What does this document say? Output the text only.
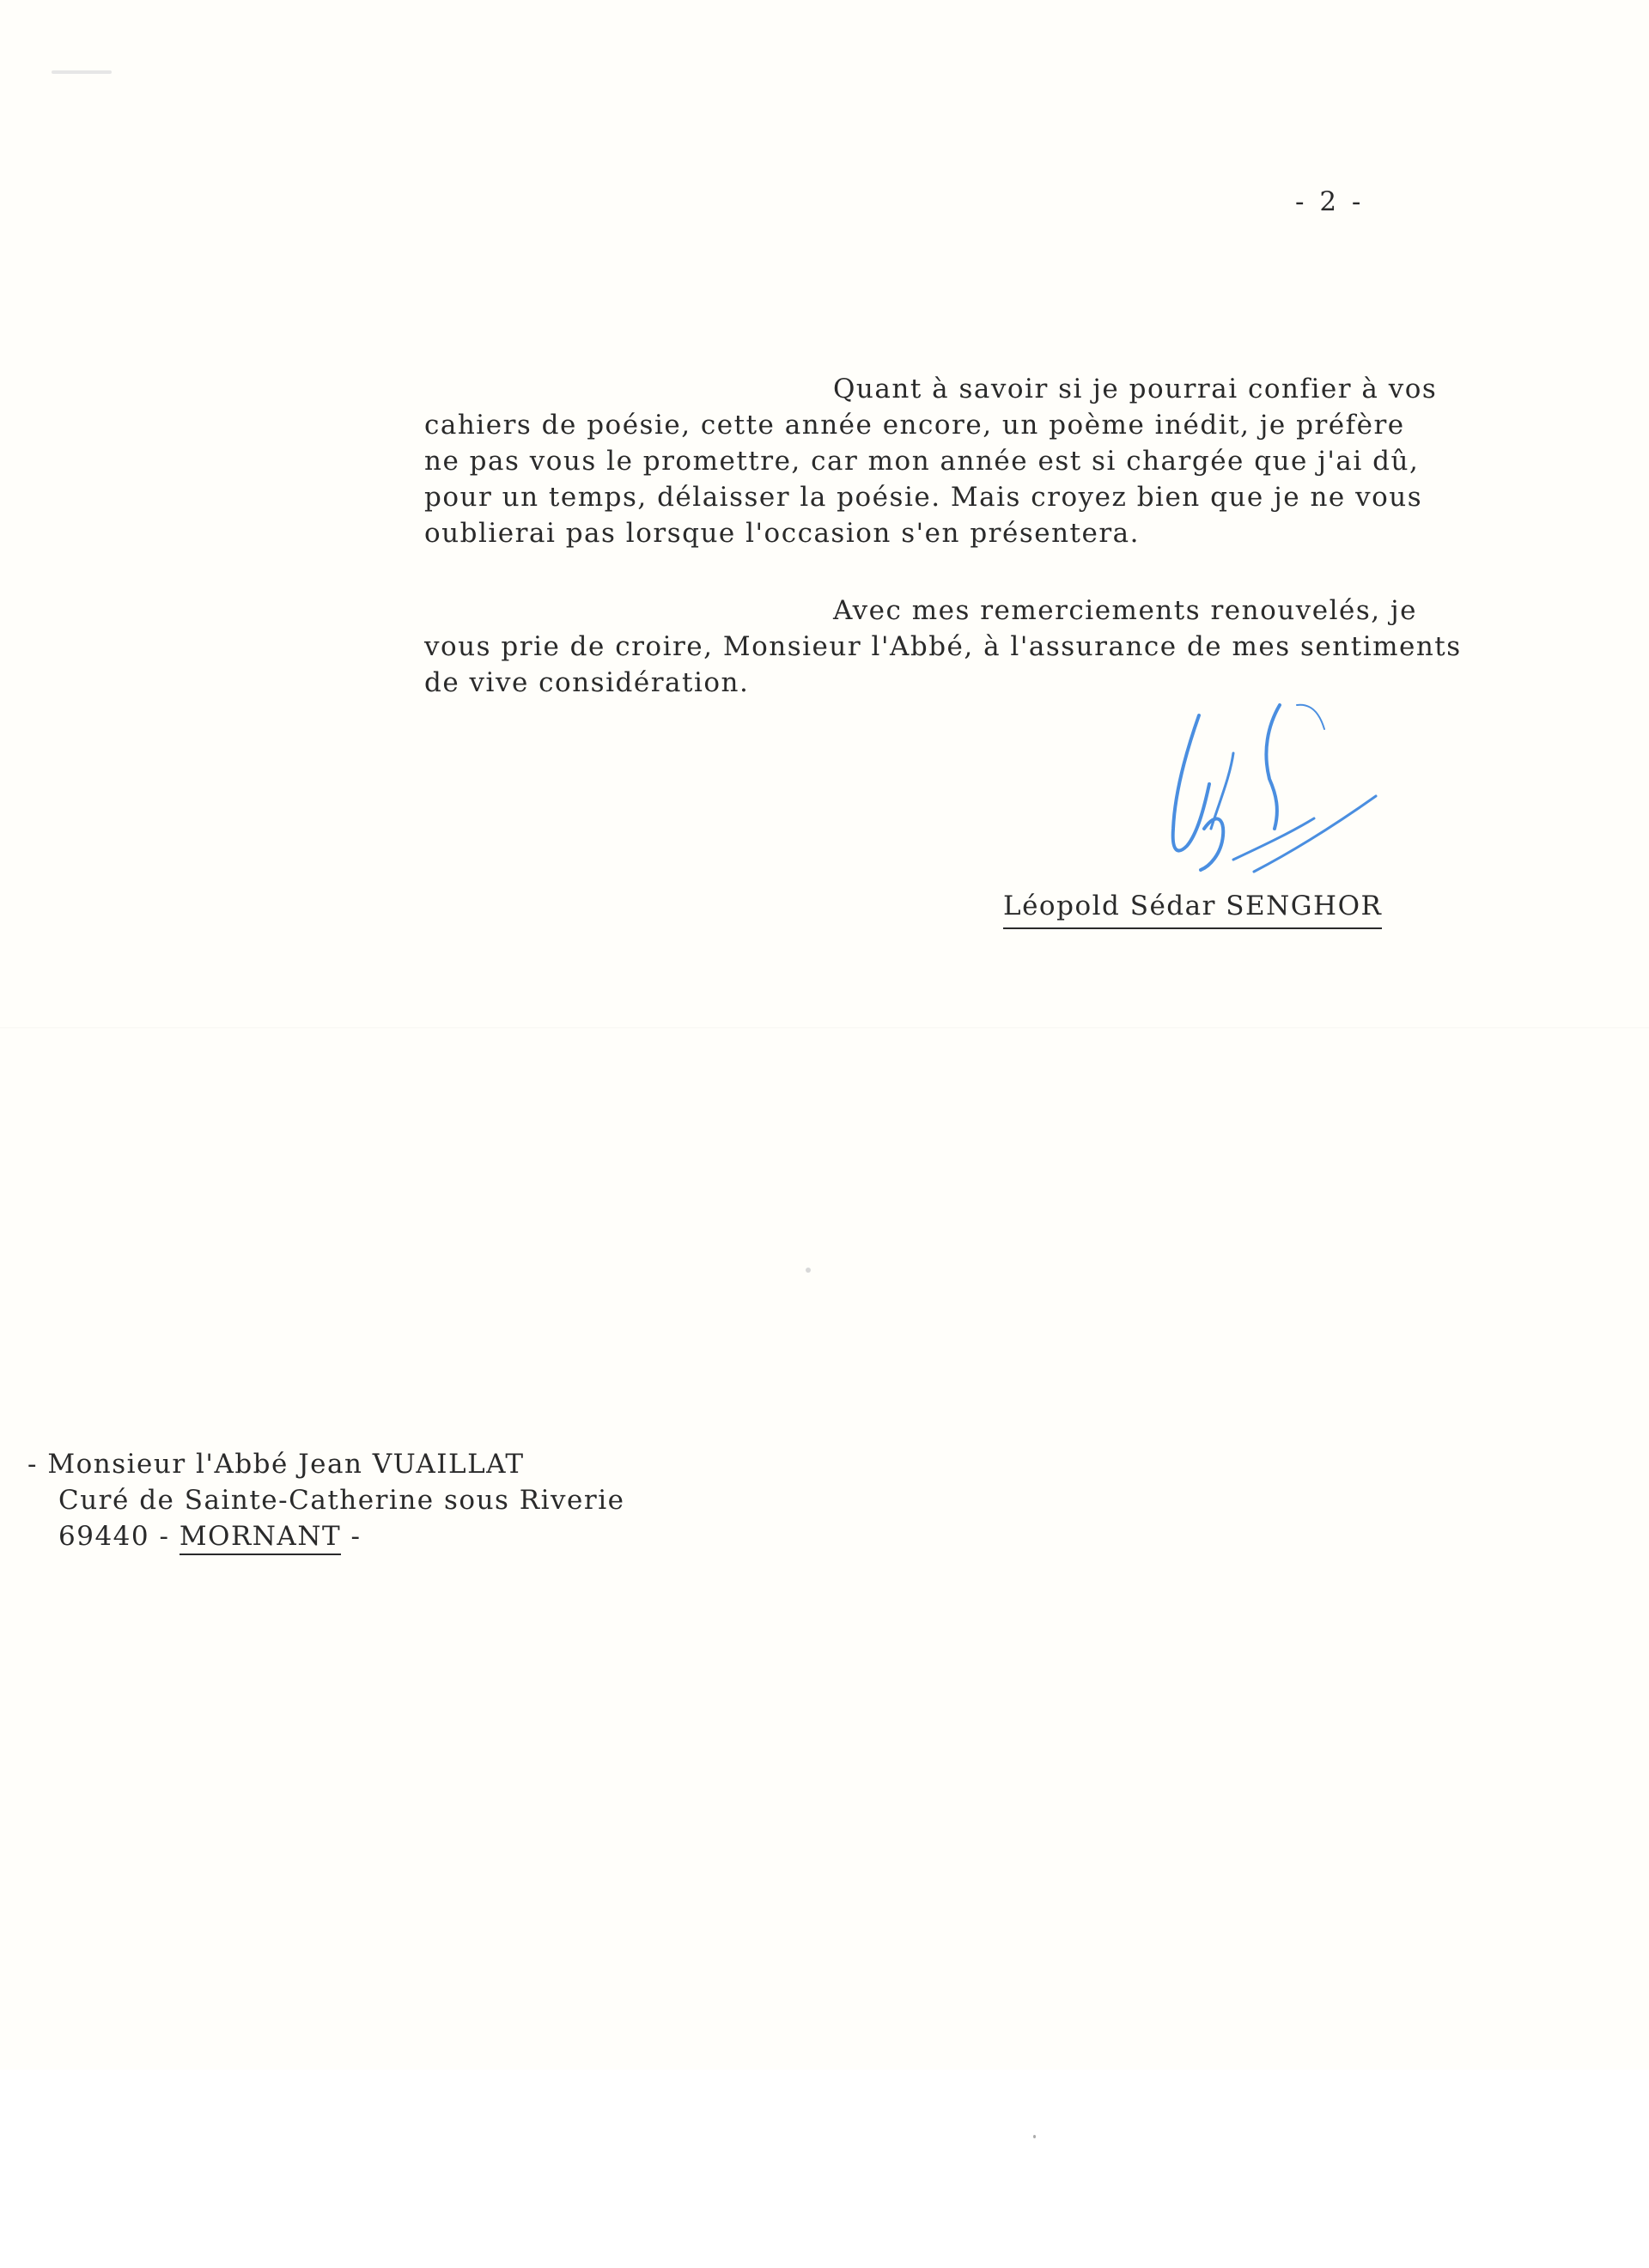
- 2 -
Quant à savoir si je pourrai confier à vos
cahiers de poésie, cette année encore, un poème inédit, je préfère
ne pas vous le promettre, car mon année est si chargée que j'ai dû,
pour un temps, délaisser la poésie. Mais croyez bien que je ne vous
oublierai pas lorsque l'occasion s'en présentera.
Avec mes remerciements renouvelés, je
vous prie de croire, Monsieur l'Abbé, à l'assurance de mes sentiments
de vive considération.
Léopold Sédar SENGHOR
- Monsieur l'Abbé Jean VUAILLAT
Curé de Sainte-Catherine sous Riverie
69440 - MORNANT -
